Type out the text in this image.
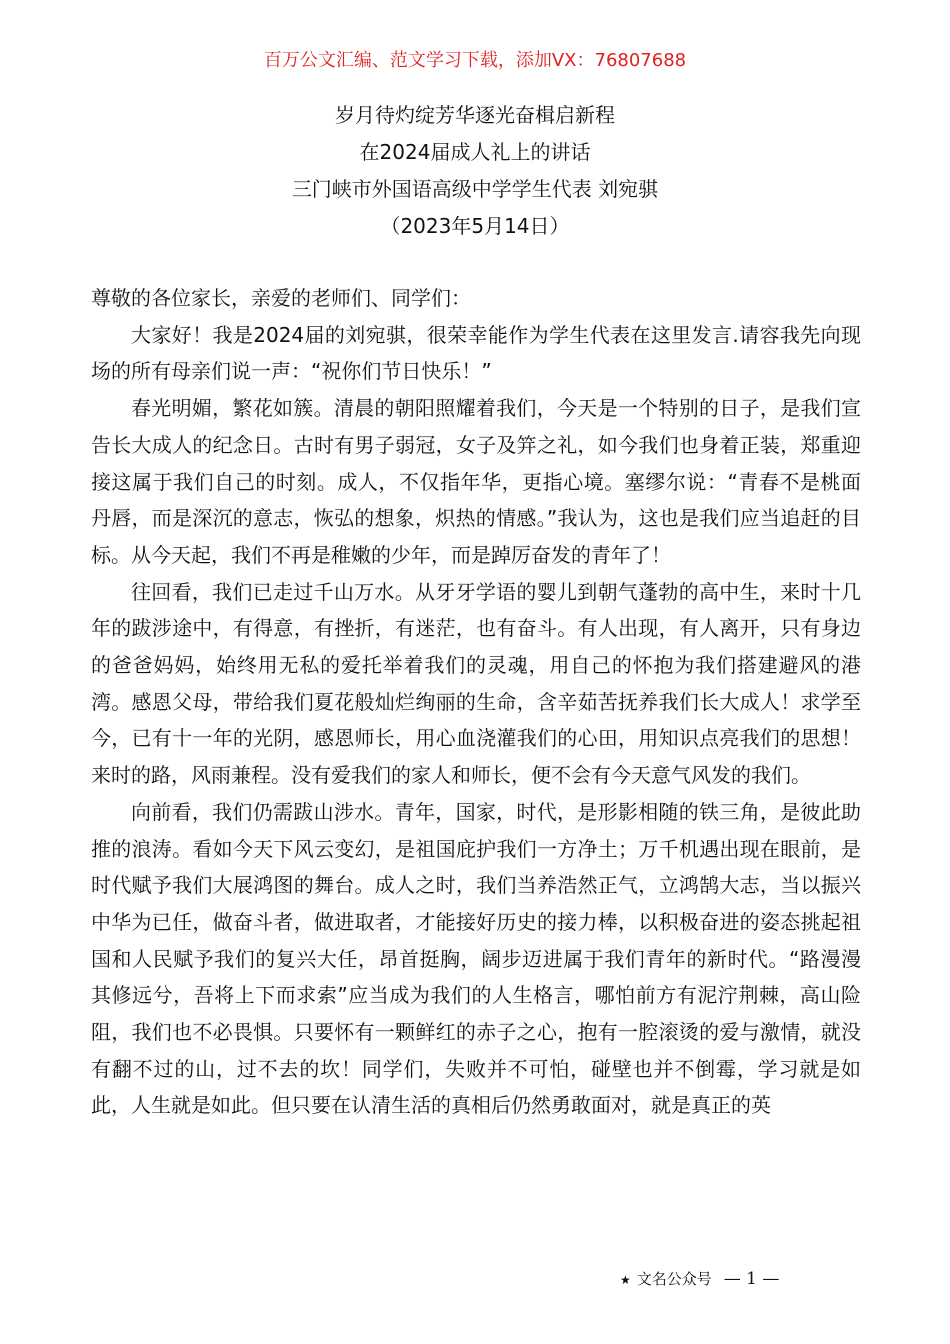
百万公文汇编、范文学习下载，添加VX：76807688
岁月待灼绽芳华逐光奋楫启新程
在2024届成人礼上的讲话
三门峡市外国语高级中学学生代表 刘宛骐
（2023年5月14日）

尊敬的各位家长，亲爱的老师们、同学们：

大家好！我是2024届的刘宛骐，很荣幸能作为学生代表在这里发言.请容我先向现场的所有母亲们说一声：“祝你们节日快乐！”

春光明媚，繁花如簇。清晨的朝阳照耀着我们，今天是一个特别的日子，是我们宣告长大成人的纪念日。古时有男子弱冠，女子及笄之礼，如今我们也身着正装，郑重迎接这属于我们自己的时刻。成人，不仅指年华，更指心境。塞缪尔说：“青春不是桃面丹唇，而是深沉的意志，恢弘的想象，炽热的情感。”我认为，这也是我们应当追赶的目标。从今天起，我们不再是稚嫩的少年，而是踔厉奋发的青年了！

往回看，我们已走过千山万水。从牙牙学语的婴儿到朝气蓬勃的高中生，来时十几年的跋涉途中，有得意，有挫折，有迷茫，也有奋斗。有人出现，有人离开，只有身边的爸爸妈妈，始终用无私的爱托举着我们的灵魂，用自己的怀抱为我们搭建避风的港湾。感恩父母，带给我们夏花般灿烂绚丽的生命，含辛茹苦抚养我们长大成人！求学至今，已有十一年的光阴，感恩师长，用心血浇灌我们的心田，用知识点亮我们的思想！来时的路，风雨兼程。没有爱我们的家人和师长，便不会有今天意气风发的我们。

向前看，我们仍需跋山涉水。青年，国家，时代，是形影相随的铁三角，是彼此助推的浪涛。看如今天下风云变幻，是祖国庇护我们一方净土；万千机遇出现在眼前，是时代赋予我们大展鸿图的舞台。成人之时，我们当养浩然正气，立鸿鹄大志，当以振兴中华为已任，做奋斗者，做进取者，才能接好历史的接力棒，以积极奋进的姿态挑起祖国和人民赋予我们的复兴大任，昂首挺胸，阔步迈进属于我们青年的新时代。“路漫漫其修远兮，吾将上下而求索”应当成为我们的人生格言，哪怕前方有泥泞荆棘，高山险阻，我们也不必畏惧。只要怀有一颗鲜红的赤子之心，抱有一腔滚烫的爱与激情，就没有翻不过的山，过不去的坎！同学们，失败并不可怕，碰壁也并不倒霉，学习就是如此，人生就是如此。但只要在认清生活的真相后仍然勇敢面对，就是真正的英

★ 文名公众号 — 1 —
